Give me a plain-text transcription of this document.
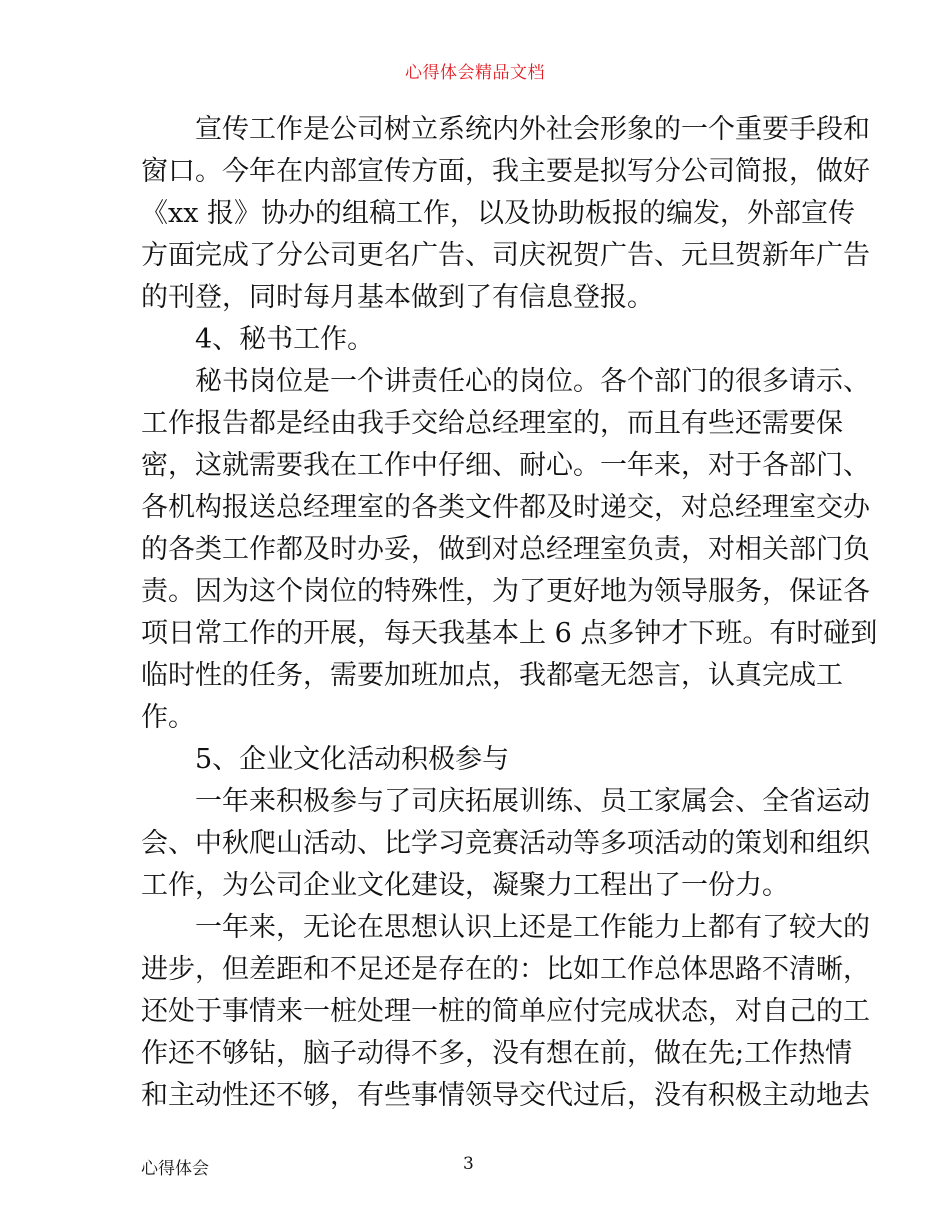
心得体会精品文档
　　宣传工作是公司树立系统内外社会形象的一个重要手段和
窗口。今年在内部宣传方面，我主要是拟写分公司简报，做好
《xx 报》协办的组稿工作，以及协助板报的编发，外部宣传
方面完成了分公司更名广告、司庆祝贺广告、元旦贺新年广告
的刊登，同时每月基本做到了有信息登报。
　　4、秘书工作。
　　秘书岗位是一个讲责任心的岗位。各个部门的很多请示、
工作报告都是经由我手交给总经理室的，而且有些还需要保
密，这就需要我在工作中仔细、耐心。一年来，对于各部门、
各机构报送总经理室的各类文件都及时递交，对总经理室交办
的各类工作都及时办妥，做到对总经理室负责，对相关部门负
责。因为这个岗位的特殊性，为了更好地为领导服务，保证各
项日常工作的开展，每天我基本上 6 点多钟才下班。有时碰到
临时性的任务，需要加班加点，我都毫无怨言，认真完成工
作。
　　5、企业文化活动积极参与
　　一年来积极参与了司庆拓展训练、员工家属会、全省运动
会、中秋爬山活动、比学习竞赛活动等多项活动的策划和组织
工作，为公司企业文化建设，凝聚力工程出了一份力。
　　一年来，无论在思想认识上还是工作能力上都有了较大的
进步，但差距和不足还是存在的：比如工作总体思路不清晰，
还处于事情来一桩处理一桩的简单应付完成状态，对自己的工
作还不够钻，脑子动得不多，没有想在前，做在先;工作热情
和主动性还不够，有些事情领导交代过后，没有积极主动地去
心得体会	3
